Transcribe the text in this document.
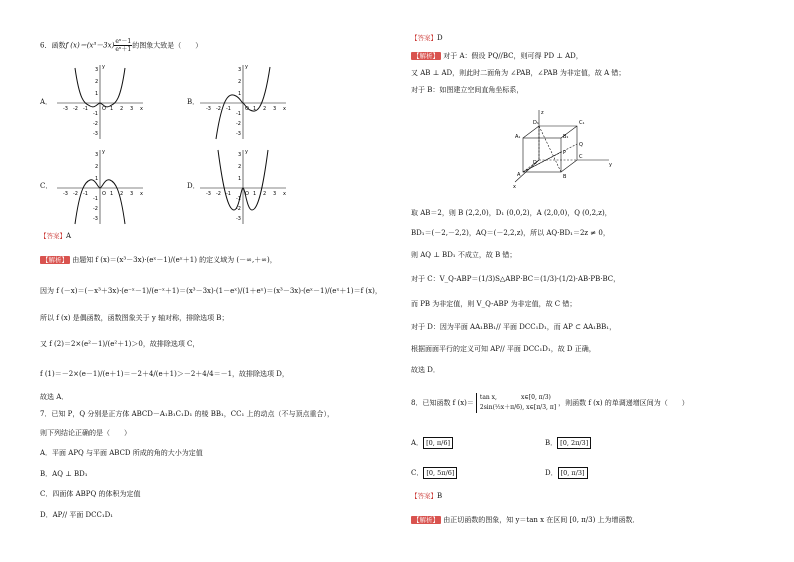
6．函数f $(x)=(x^3-3x) \frac{\text{eˣ－1}}{\text{eˣ＋1}}$ 的图象大致是（　　）
A．
-3 -2 -1	O 1 2 3 x
3
2
1
-1
-2
-3
y
B．
-3 -2 -1	O 1 2 3 x
3
2
1
-1
-2
-3
y
C．
-3 -2 -1	O 1 2 3 x
3
2
1
-1
-2
-3
y
D．
-3 -2 -1	O 1 2 3 x
3
2
1
-1
-2
-3
y
【答案】A
【解析】 由题知 f (x)＝(x³－3x)·(eˣ－1)/(eˣ＋1) 的定义域为 (－∞,＋∞)，
因为 f (－x)＝(－x³＋3x)·(e⁻ˣ－1)/(e⁻ˣ＋1)＝(x³－3x)·(1－eˣ)/(1＋eˣ)＝(x³－3x)·(eˣ－1)/(eˣ＋1)＝f (x)，
所以 f (x) 是偶函数，函数图象关于 y 轴对称，排除选项 B；
又 f (2)＝2×(e²－1)/(e²＋1)＞0，故排除选项 C，
f (1)＝－2×(e－1)/(e＋1)＝－2＋4/(e＋1)＞－2＋4/4＝－1，故排除选项 D，
故选 A．
7．已知 P，Q 分别是正方体 ABCD－A₁B₁C₁D₁ 的棱 BB₁，CC₁ 上的动点（不与顶点重合），
则下列结论正确的是（　　）
A．平面 APQ 与平面 ABCD 所成的角的大小为定值
B．AQ ⊥ BD₁
C．四面体 ABPQ 的体积为定值
D．AP// 平面 DCC₁D₁
【答案】D
【解析】 对于 A：假设 PQ//BC，则可得 PD ⊥ AD，
又 AB ⊥ AD，则此时二面角为 ∠PAB，∠PAB 为非定值，故 A 错；
对于 B：如图建立空间直角坐标系，
z
D₁	C₁
A₁	B₁
D
C
Q
P
A	B
x
y
取 AB＝2，则 B (2,2,0)，D₁ (0,0,2)，A (2,0,0)，Q (0,2,z)，
BD₁＝(－2,－2,2)，AQ＝(－2,2,z)，所以 AQ·BD₁＝2z ≠ 0，
则 AQ ⊥ BD₁ 不成立，故 B 错；
对于 C：V_Q-ABP＝(1/3)S△ABP·BC＝(1/3)·(1/2)·AB·PB·BC，
而 PB 为非定值，则 V_Q-ABP 为非定值，故 C 错；
对于 D：因为平面 AA₁BB₁// 平面 DCC₁D₁，而 AP ⊂ AA₁BB₁，
根据面面平行的定义可知 AP// 平面 DCC₁D₁，故 D 正确，
故选 D．
8．已知函数 f (x)＝
tan x,　　　　x∈[0, π/3)
2sin(½x＋π/6), x∈[π/3, π]
，则函数 f (x) 的单调递增区间为（　　）
A． [0, π/6]	B． [0, 2π/3]
C． [0, 5π/6]	D． [0, π/3]
【答案】B
【解析】 由正切函数的图象，知 y＝tan x 在区间 [0, π/3) 上为增函数．
